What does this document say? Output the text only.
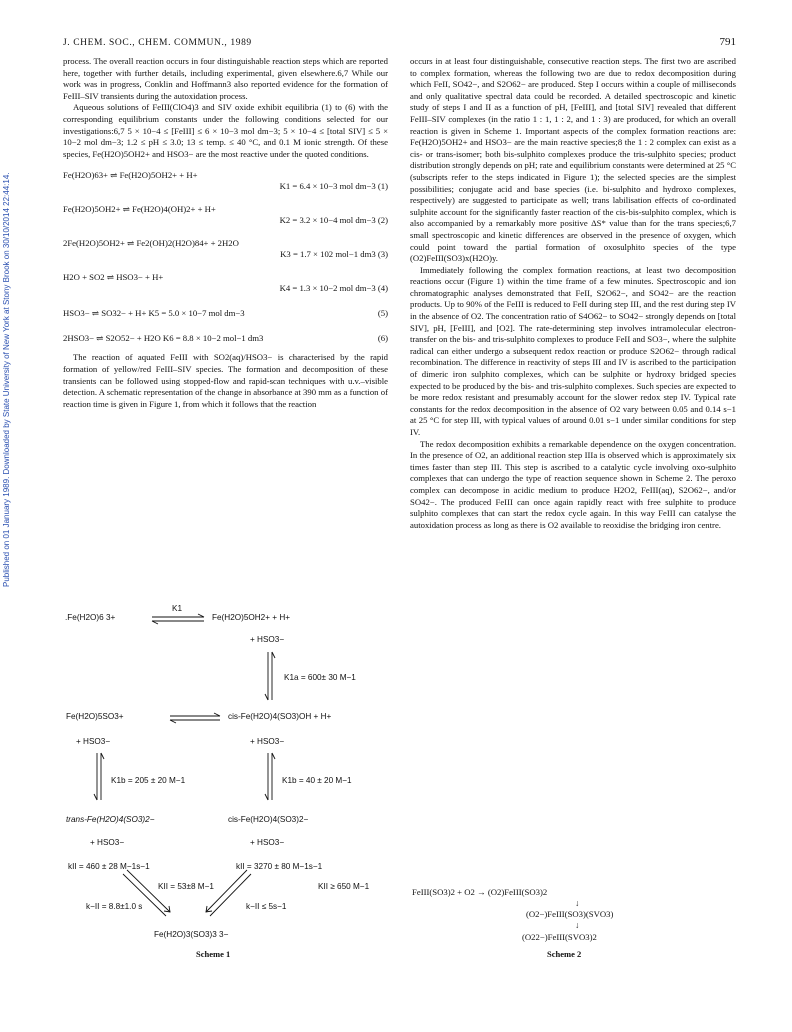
J. CHEM. SOC., CHEM. COMMUN., 1989	791
Published on 01 January 1989. Downloaded by State University of New York at Stony Brook on 30/10/2014 22:44:14.

process. The overall reaction occurs in four distinguishable reaction steps which are reported here, together with further details, including experimental, given elsewhere.6,7 While our work was in progress, Conklin and Hoffmann3 also reported evidence for the formation of FeIII–SIV transients during the autoxidation process.

Aqueous solutions of FeIII(ClO4)3 and SIV oxide exhibit equilibria (1) to (6) with the corresponding equilibrium constants under the following conditions selected for our investigations:6,7 5 × 10−4 ≤ [FeIII] ≤ 6 × 10−3 mol dm−3; 5 × 10−4 ≤ [total SIV] ≤ 5 × 10−2 mol dm−3; 1.2 ≤ pH ≤ 3.0; 13 ≤ temp. ≤ 40 °C, and 0.1 M ionic strength. Of these species, Fe(H2O)5OH2+ and HSO3− are the most reactive under the quoted conditions.

Fe(H2O)63+ ⇌ Fe(H2O)5OH2+ + H+
K1 = 6.4 × 10−3 mol dm−3 (1)
Fe(H2O)5OH2+ ⇌ Fe(H2O)4(OH)2+ + H+
K2 = 3.2 × 10−4 mol dm−3 (2)
2Fe(H2O)5OH2+ ⇌ Fe2(OH)2(H2O)84+ + 2H2O
K3 = 1.7 × 102 mol−1 dm3 (3)
H2O + SO2 ⇌ HSO3− + H+
K4 = 1.3 × 10−2 mol dm−3 (4)
HSO3− ⇌ SO32− + H+ K5 = 5.0 × 10−7 mol dm−3	(5)
2HSO3− ⇌ S2O52− + H2O K6 = 8.8 × 10−2 mol−1 dm3	(6)

The reaction of aquated FeIII with SO2(aq)/HSO3− is characterised by the rapid formation of yellow/red FeIII–SIV species. The formation and decomposition of these transients can be followed using stopped-flow and rapid-scan techniques with u.v.–visible detection. A schematic representation of the change in absorbance at 390 mm as a function of reaction time is given in Figure 1, from which it follows that the reaction

.Fe(H2O)6 3+
K1
Fe(H2O)5OH2+ + H+
+ HSO3−
K1a = 600± 30 M−1
Fe(H2O)5SO3+	cis-Fe(H2O)4(SO3)OH + H+
+ HSO3−	+ HSO3−
K1b = 205 ± 20 M−1	K1b = 40 ± 20 M−1
trans-Fe(H2O)4(SO3)2−	cis-Fe(H2O)4(SO3)2−
+ HSO3−	+ HSO3−
kII = 460 ± 28 M−1s−1	kII = 3270 ± 80 M−1s−1
KII = 53±8 M−1	KII ≥ 650 M−1
k−II = 8.8±1.0 s	k−II ≤ 5s−1
Fe(H2O)3(SO3)3 3−
Scheme 1

occurs in at least four distinguishable, consecutive reaction steps. The first two are ascribed to complex formation, whereas the following two are due to redox decomposition during which FeII, SO42−, and S2O62− are produced. Step I occurs within a couple of milliseconds and only qualitative spectral data could be recorded. A detailed spectroscopic and kinetic study of steps I and II as a function of pH, [FeIII], and [total SIV] revealed that different FeIII–SIV complexes (in the ratio 1 : 1, 1 : 2, and 1 : 3) are produced, for which an overall reaction is given in Scheme 1. Important aspects of the complex formation reactions are: Fe(H2O)5OH2+ and HSO3− are the main reactive species;8 the 1 : 2 complex can exist as a cis- or trans-isomer; both bis-sulphito complexes produce the tris-sulphito species; product distribution strongly depends on pH; rate and equilibrium constants were determined at 25 °C (subscripts refer to the steps indicated in Figure 1); the selected species are the simplest possibilities; conjugate acid and base species (i.e. bi-sulphito and hydroxo complexes, respectively) are suggested to participate as well; trans labilisation effects of co-ordinated sulphite account for the significantly faster reaction of the cis-bis-sulphito complex, which is also accompanied by a remarkably more positive ΔS* value than for the trans species;6,7 small spectroscopic and kinetic differences are observed in the presence of oxygen, which could point toward the partial formation of oxosulphito species of the type (O2)FeIII(SO3)x(H2O)y.

Immediately following the complex formation reactions, at least two decomposition reactions occur (Figure 1) within the time frame of a few minutes. Spectroscopic and ion chromatographic analyses demonstrated that FeII, S2O62−, and SO42− are the reaction products. Up to 90% of the FeIII is reduced to FeII during step III, and the rest during step IV in the absence of O2. The concentration ratio of S4O62− to SO42− strongly depends on [total SIV], pH, [FeIII], and [O2]. The rate-determining step involves intramolecular electron-transfer on the bis- and tris-sulphito complexes to produce FeII and SO3−, where the sulphite radical can either undergo a subsequent redox reaction or produce S2O62− through radical recombination. The difference in reactivity of steps III and IV is ascribed to the participation of dimeric iron sulphito complexes, which can be sulphite or hydroxy bridged species expected to be produced by the bis- and tris-sulphito complexes. Such species are expected to be more redox resistant and presumably account for the slower redox step IV. Typical rate constants for the redox decomposition in the absence of O2 vary between 0.05 and 0.14 s−1 at 25 °C for step III, with typical values of around 0.01 s−1 under similar conditions for step IV.

The redox decomposition exhibits a remarkable dependence on the oxygen concentration. In the presence of O2, an additional reaction step IIIa is observed which is approximately six times faster than step III. This step is ascribed to a catalytic cycle involving oxo-sulphito complexes that can undergo the type of reaction sequence shown in Scheme 2. The peroxo complex can decompose in acidic medium to produce H2O2, FeIII(aq), S2O62−, and/or SO42−. The produced FeIII can once again rapidly react with free sulphite to produce sulphito complexes that can start the redox cycle again. In this way FeIII can catalyse the autoxidation process as long as there is O2 available to reoxidise the bridging iron centre.

FeIII(SO3)2 + O2 → (O2)FeIII(SO3)2
↓
(O2−)FeIII(SO3)(SVO3)
↓
(O22−)FeIII(SVO3)2
Scheme 2
